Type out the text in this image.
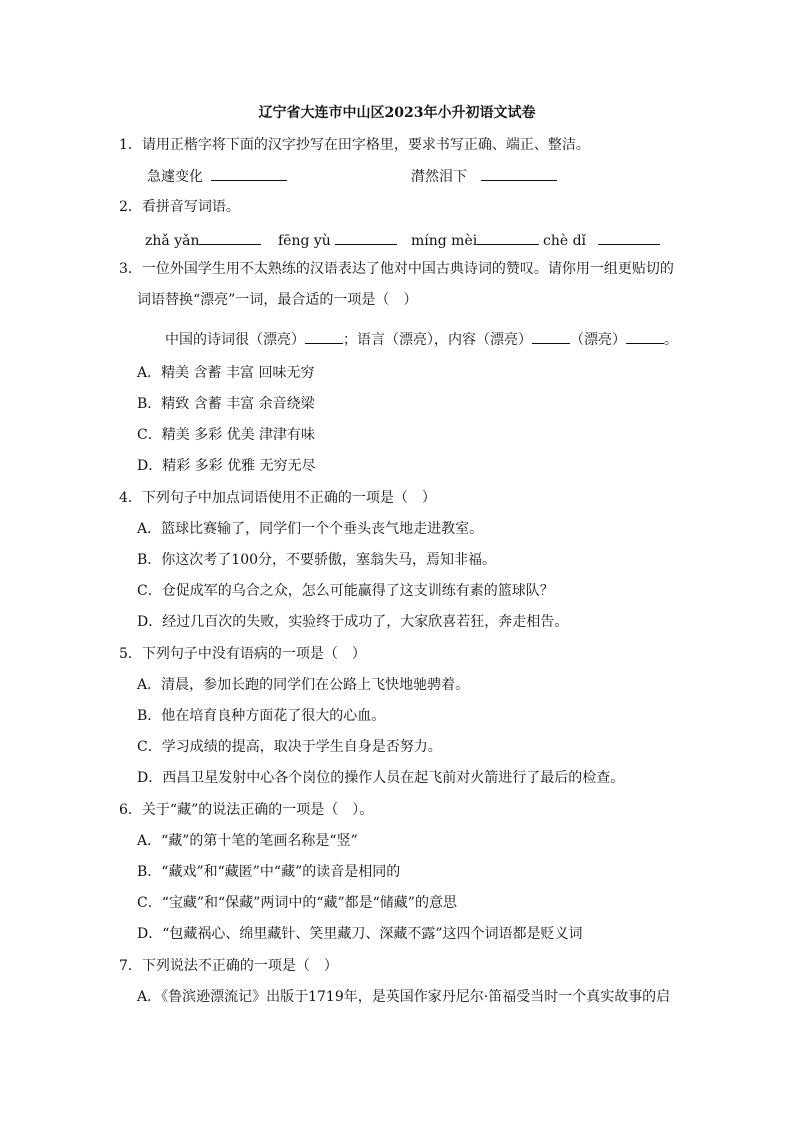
辽宁省大连市中山区2023年小升初语文试卷
1．请用正楷字将下面的汉字抄写在田字格里，要求书写正确、端正、整洁。
急遽变化	潸然泪下
2．看拼音写词语。
zhǎ yǎn	fēng yù	míng mèi	chè dǐ
3．一位外国学生用不太熟练的汉语表达了他对中国古典诗词的赞叹。请你用一组更贴切的
词语替换“漂亮”一词，最合适的一项是（　）
中国的诗词很（漂亮）	；语言（漂亮），内容（漂亮）	（漂亮）	。
A．精美 含蓄 丰富 回味无穷
B．精致 含蓄 丰富 余音绕梁
C．精美 多彩 优美 津津有味
D．精彩 多彩 优雅 无穷无尽
4．下列句子中加点词语使用不正确的一项是（　）
A．篮球比赛输了，同学们一个个垂头丧气地走进教室。
B．你这次考了100分，不要骄傲，塞翁失马，焉知非福。
C．仓促成军的乌合之众，怎么可能赢得了这支训练有素的篮球队？
D．经过几百次的失败，实验终于成功了，大家欣喜若狂，奔走相告。
5．下列句子中没有语病的一项是（　）
A．清晨，参加长跑的同学们在公路上飞快地驰骋着。
B．他在培育良种方面花了很大的心血。
C．学习成绩的提高，取决于学生自身是否努力。
D．西昌卫星发射中心各个岗位的操作人员在起飞前对火箭进行了最后的检查。
6．关于“藏”的说法正确的一项是（　）。
A．“藏”的第十笔的笔画名称是“竖”
B．“藏戏”和“藏匿”中“藏”的读音是相同的
C．“宝藏”和“保藏”两词中的“藏”都是“储藏”的意思
D．“包藏祸心、绵里藏针、笑里藏刀、深藏不露”这四个词语都是贬义词
7．下列说法不正确的一项是（　）
A．《鲁滨逊漂流记》出版于1719年，是英国作家丹尼尔·笛福受当时一个真实故事的启
